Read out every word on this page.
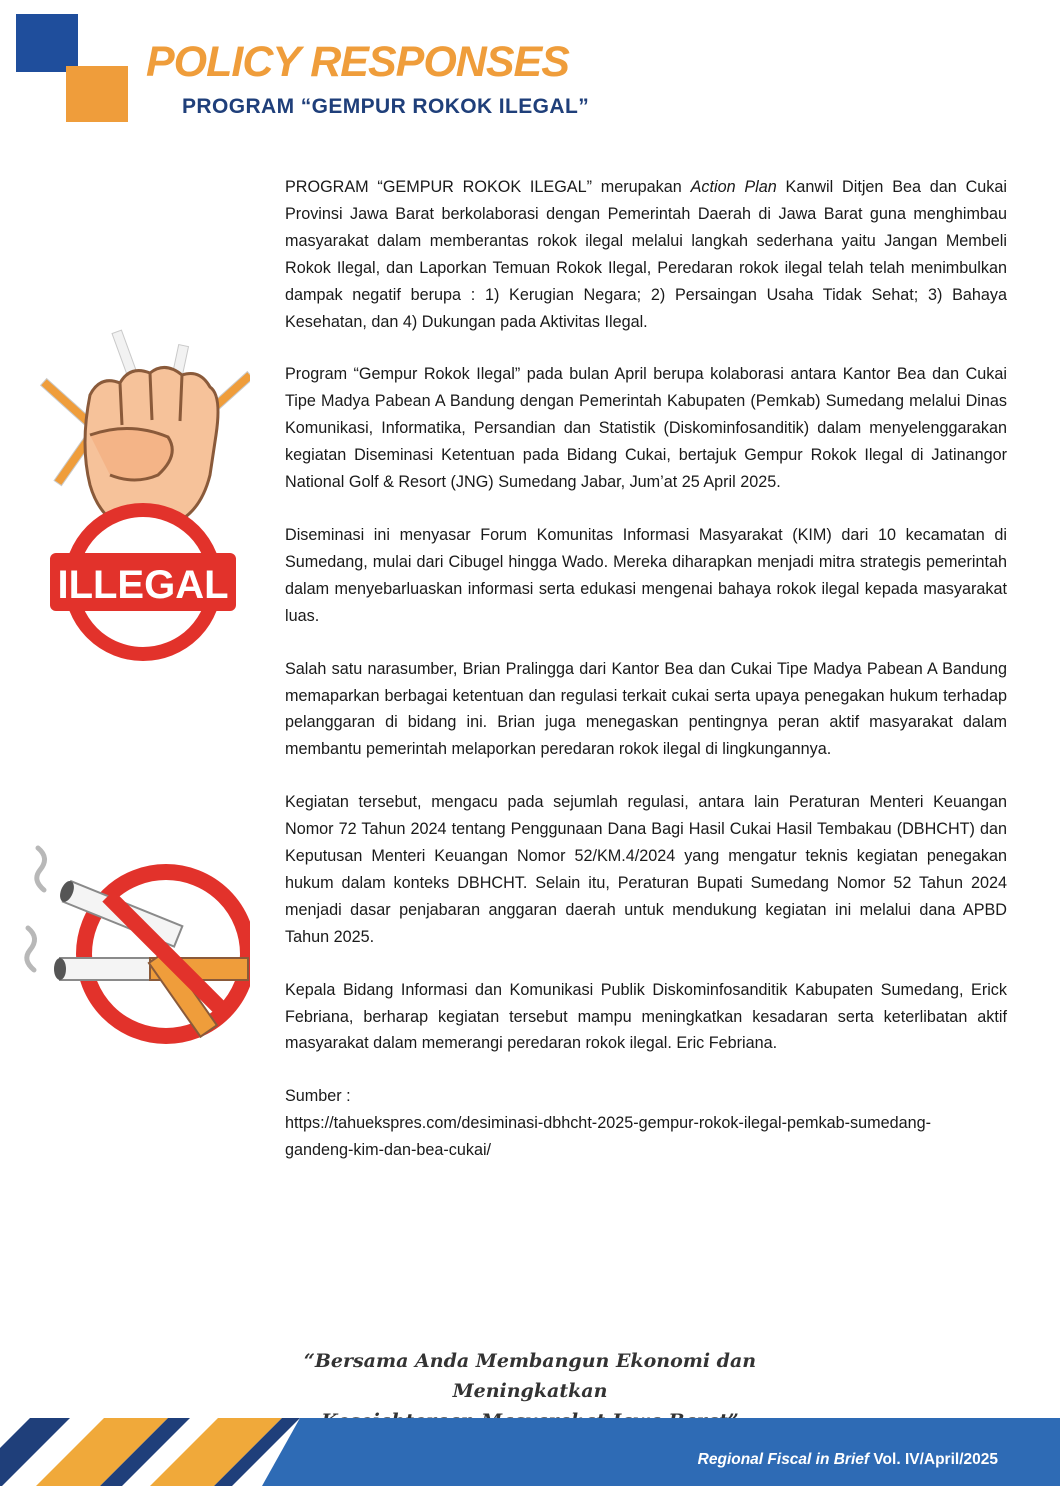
POLICY RESPONSES
PROGRAM “GEMPUR ROKOK ILEGAL”
ILLEGAL

PROGRAM “GEMPUR ROKOK ILEGAL” merupakan Action Plan Kanwil Ditjen Bea dan Cukai Provinsi Jawa Barat berkolaborasi dengan Pemerintah Daerah di Jawa Barat guna menghimbau masyarakat dalam memberantas rokok ilegal melalui langkah sederhana yaitu Jangan Membeli Rokok Ilegal, dan Laporkan Temuan Rokok Ilegal, Peredaran rokok ilegal telah telah menimbulkan dampak negatif berupa : 1) Kerugian Negara; 2) Persaingan Usaha Tidak Sehat; 3) Bahaya Kesehatan, dan 4) Dukungan pada Aktivitas Ilegal.

Program “Gempur Rokok Ilegal” pada bulan April berupa kolaborasi antara Kantor Bea dan Cukai Tipe Madya Pabean A Bandung dengan Pemerintah Kabupaten (Pemkab) Sumedang melalui Dinas Komunikasi, Informatika, Persandian dan Statistik (Diskominfosanditik) dalam menyelenggarakan kegiatan Diseminasi Ketentuan pada Bidang Cukai, bertajuk Gempur Rokok Ilegal di Jatinangor National Golf & Resort (JNG) Sumedang Jabar, Jum’at 25 April 2025.

Diseminasi ini menyasar Forum Komunitas Informasi Masyarakat (KIM) dari 10 kecamatan di Sumedang, mulai dari Cibugel hingga Wado. Mereka diharapkan menjadi mitra strategis pemerintah dalam menyebarluaskan informasi serta edukasi mengenai bahaya rokok ilegal kepada masyarakat luas.

Salah satu narasumber, Brian Pralingga dari Kantor Bea dan Cukai Tipe Madya Pabean A Bandung memaparkan berbagai ketentuan dan regulasi terkait cukai serta upaya penegakan hukum terhadap pelanggaran di bidang ini. Brian juga menegaskan pentingnya peran aktif masyarakat dalam membantu pemerintah melaporkan peredaran rokok ilegal di lingkungannya.

Kegiatan tersebut, mengacu pada sejumlah regulasi, antara lain Peraturan Menteri Keuangan Nomor 72 Tahun 2024 tentang Penggunaan Dana Bagi Hasil Cukai Hasil Tembakau (DBHCHT) dan Keputusan Menteri Keuangan Nomor 52/KM.4/2024 yang mengatur teknis kegiatan penegakan hukum dalam konteks DBHCHT. Selain itu, Peraturan Bupati Sumedang Nomor 52 Tahun 2024 menjadi dasar penjabaran anggaran daerah untuk mendukung kegiatan ini melalui dana APBD Tahun 2025.

Kepala Bidang Informasi dan Komunikasi Publik Diskominfosanditik Kabupaten Sumedang, Erick Febriana, berharap kegiatan tersebut mampu meningkatkan kesadaran serta keterlibatan aktif masyarakat dalam memerangi peredaran rokok ilegal. Eric Febriana.

Sumber :

https://tahuekspres.com/desiminasi-dbhcht-2025-gempur-rokok-ilegal-pemkab-sumedang-
gandeng-kim-dan-bea-cukai/

“Bersama Anda Membangun Ekonomi dan Meningkatkan
Regional Fiscal in Brief Vol. IV/April/2025
